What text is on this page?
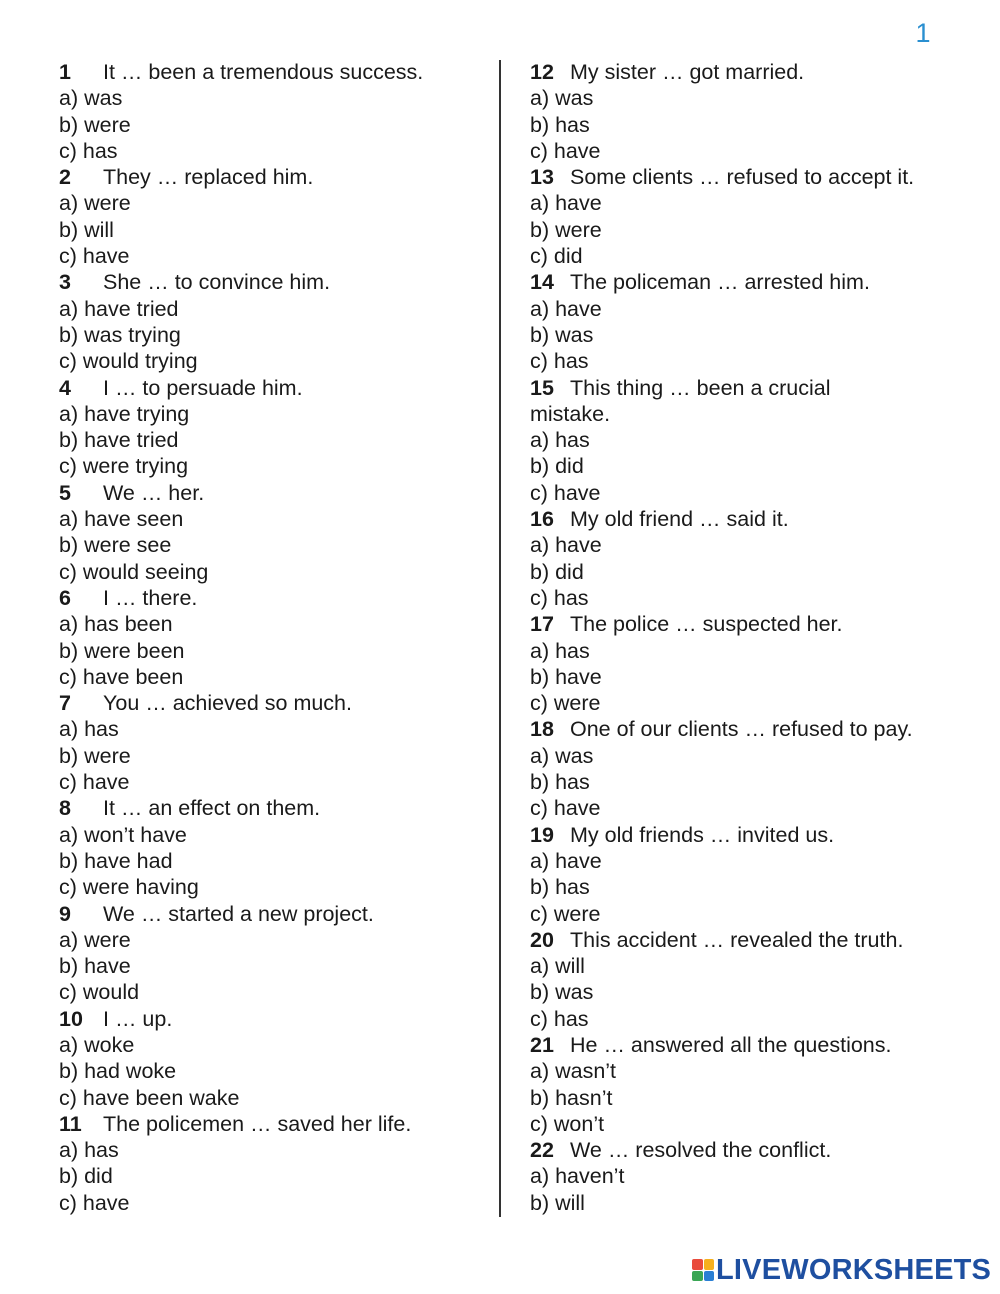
1
1 It … been a tremendous success.
a) was
b) were
c) has
2 They … replaced him.
a) were
b) will
c) have
3 She … to convince him.
a) have tried
b) was trying
c) would trying
4 I … to persuade him.
a) have trying
b) have tried
c) were trying
5 We … her.
a) have seen
b) were see
c) would seeing
6 I … there.
a) has been
b) were been
c) have been
7 You … achieved so much.
a) has
b) were
c) have
8 It … an effect on them.
a) won’t have
b) have had
c) were having
9 We … started a new project.
a) were
b) have
c) would
10 I … up.
a) woke
b) had woke
c) have been wake
11 The policemen … saved her life.
a) has
b) did
c) have
12 My sister … got married.
a) was
b) has
c) have
13 Some clients … refused to accept it.
a) have
b) were
c) did
14 The policeman … arrested him.
a) have
b) was
c) has
15 This thing … been a crucial
mistake.
a) has
b) did
c) have
16 My old friend … said it.
a) have
b) did
c) has
17 The police … suspected her.
a) has
b) have
c) were
18 One of our clients … refused to pay.
a) was
b) has
c) have
19 My old friends … invited us.
a) have
b) has
c) were
20 This accident … revealed the truth.
a) will
b) was
c) has
21 He … answered all the questions.
a) wasn’t
b) hasn’t
c) won’t
22 We … resolved the conflict.
a) haven’t
b) will
LIVEWORKSHEETS
